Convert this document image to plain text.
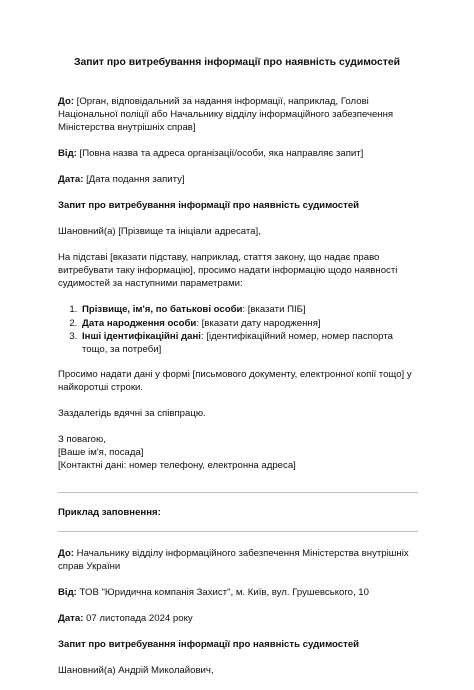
Запит про витребування інформації про наявність судимостей

До: [Орган, відповідальний за надання інформації, наприклад, Голові Національної поліції або Начальнику відділу інформаційного забезпечення Міністерства внутрішніх справ]

Від: [Повна назва та адреса організації/особи, яка направляє запит]

Дата: [Дата подання запиту]

Запит про витребування інформації про наявність судимостей

Шановний(а) [Прізвище та ініціали адресата],

На підставі [вказати підставу, наприклад, стаття закону, що надає право витребувати таку інформацію], просимо надати інформацію щодо наявності судимостей за наступними параметрами:

1. Прізвище, ім'я, по батькові особи: [вказати ПІБ]
2. Дата народження особи: [вказати дату народження]
3. Інші ідентифікаційні дані: [ідентифікаційний номер, номер паспорта тощо, за потреби]

Просимо надати дані у формі [письмового документу, електронної копії тощо] у найкоротші строки.

Заздалегідь вдячні за співпрацю.

З повагою,
[Ваше ім'я, посада]
[Контактні дані: номер телефону, електронна адреса]

Приклад заповнення:

До: Начальнику відділу інформаційного забезпечення Міністерства внутрішніх справ України

Від: ТОВ "Юридична компанія Захист", м. Київ, вул. Грушевського, 10

Дата: 07 листопада 2024 року

Запит про витребування інформації про наявність судимостей

Шановний(а) Андрій Миколайович,
